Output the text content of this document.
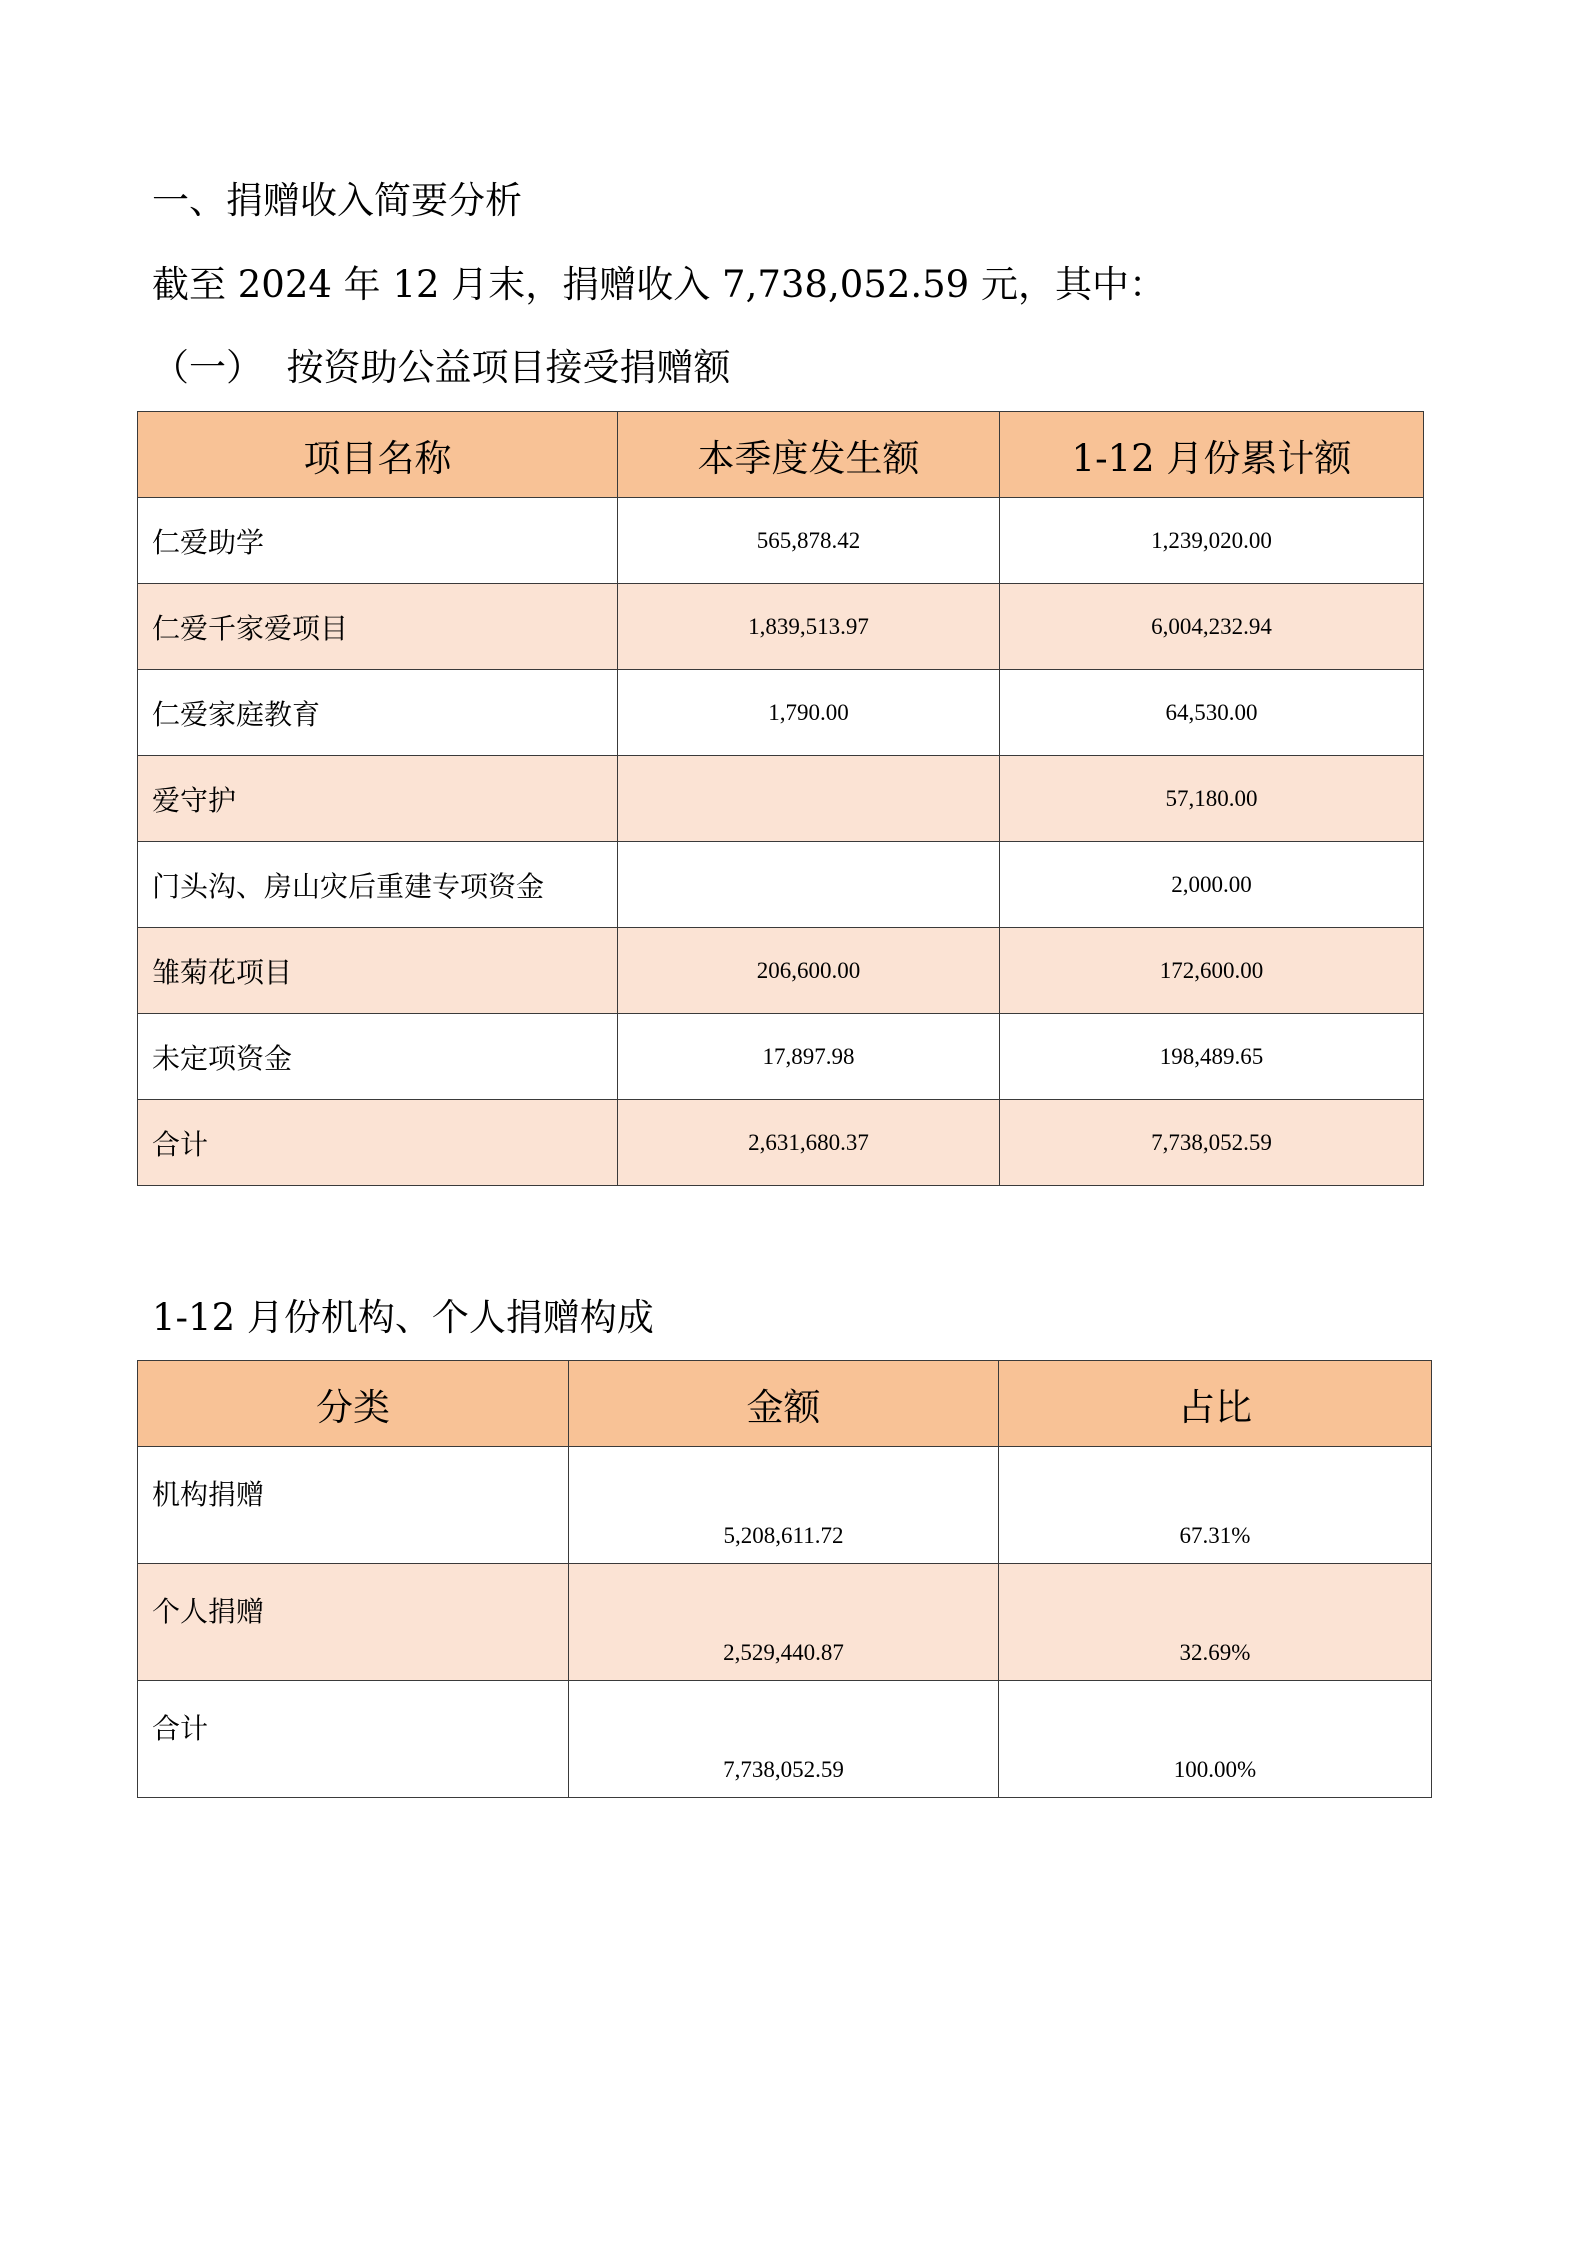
一、捐赠收入简要分析
截至 2024 年 12 月末，捐赠收入 7,738,052.59 元，其中：
（一）  按资助公益项目接受捐赠额
项目名称	本季度发生额	1-12 月份累计额
仁爱助学	565,878.42	1,239,020.00
仁爱千家爱项目	1,839,513.97	6,004,232.94
仁爱家庭教育	1,790.00	64,530.00
爱守护		57,180.00
门头沟、房山灾后重建专项资金		2,000.00
雏菊花项目	206,600.00	172,600.00
未定项资金	17,897.98	198,489.65
合计	2,631,680.37	7,738,052.59
1-12 月份机构、个人捐赠构成
分类	金额	占比
机构捐赠	5,208,611.72	67.31%
个人捐赠	2,529,440.87	32.69%
合计	7,738,052.59	100.00%
